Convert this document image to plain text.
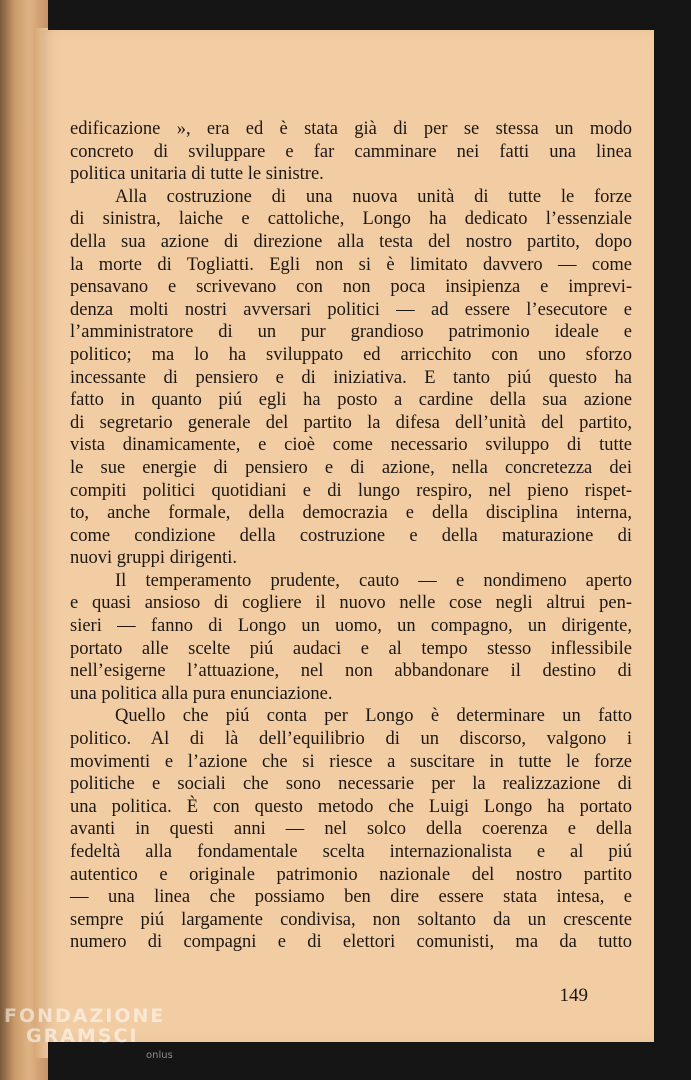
edificazione », era ed è stata già di per se stessa un modo
concreto di sviluppare e far camminare nei fatti una linea
politica unitaria di tutte le sinistre.
Alla costruzione di una nuova unità di tutte le forze
di sinistra, laiche e cattoliche, Longo ha dedicato l’essenziale
della sua azione di direzione alla testa del nostro partito, dopo
la morte di Togliatti. Egli non si è limitato davvero — come
pensavano e scrivevano con non poca insipienza e imprevi-
denza molti nostri avversari politici — ad essere l’esecutore e
l’amministratore di un pur grandioso patrimonio ideale e
politico; ma lo ha sviluppato ed arricchito con uno sforzo
incessante di pensiero e di iniziativa. E tanto piú questo ha
fatto in quanto piú egli ha posto a cardine della sua azione
di segretario generale del partito la difesa dell’unità del partito,
vista dinamicamente, e cioè come necessario sviluppo di tutte
le sue energie di pensiero e di azione, nella concretezza dei
compiti politici quotidiani e di lungo respiro, nel pieno rispet-
to, anche formale, della democrazia e della disciplina interna,
come condizione della costruzione e della maturazione di
nuovi gruppi dirigenti.
Il temperamento prudente, cauto — e nondimeno aperto
e quasi ansioso di cogliere il nuovo nelle cose negli altrui pen-
sieri — fanno di Longo un uomo, un compagno, un dirigente,
portato alle scelte piú audaci e al tempo stesso inflessibile
nell’esigerne l’attuazione, nel non abbandonare il destino di
una politica alla pura enunciazione.
Quello che piú conta per Longo è determinare un fatto
politico. Al di là dell’equilibrio di un discorso, valgono i
movimenti e l’azione che si riesce a suscitare in tutte le forze
politiche e sociali che sono necessarie per la realizzazione di
una politica. È con questo metodo che Luigi Longo ha portato
avanti in questi anni — nel solco della coerenza e della
fedeltà alla fondamentale scelta internazionalista e al piú
autentico e originale patrimonio nazionale del nostro partito
— una linea che possiamo ben dire essere stata intesa, e
sempre piú largamente condivisa, non soltanto da un crescente
numero di compagni e di elettori comunisti, ma da tutto
149
FONDAZIONE
GRAMSCI
onlus
